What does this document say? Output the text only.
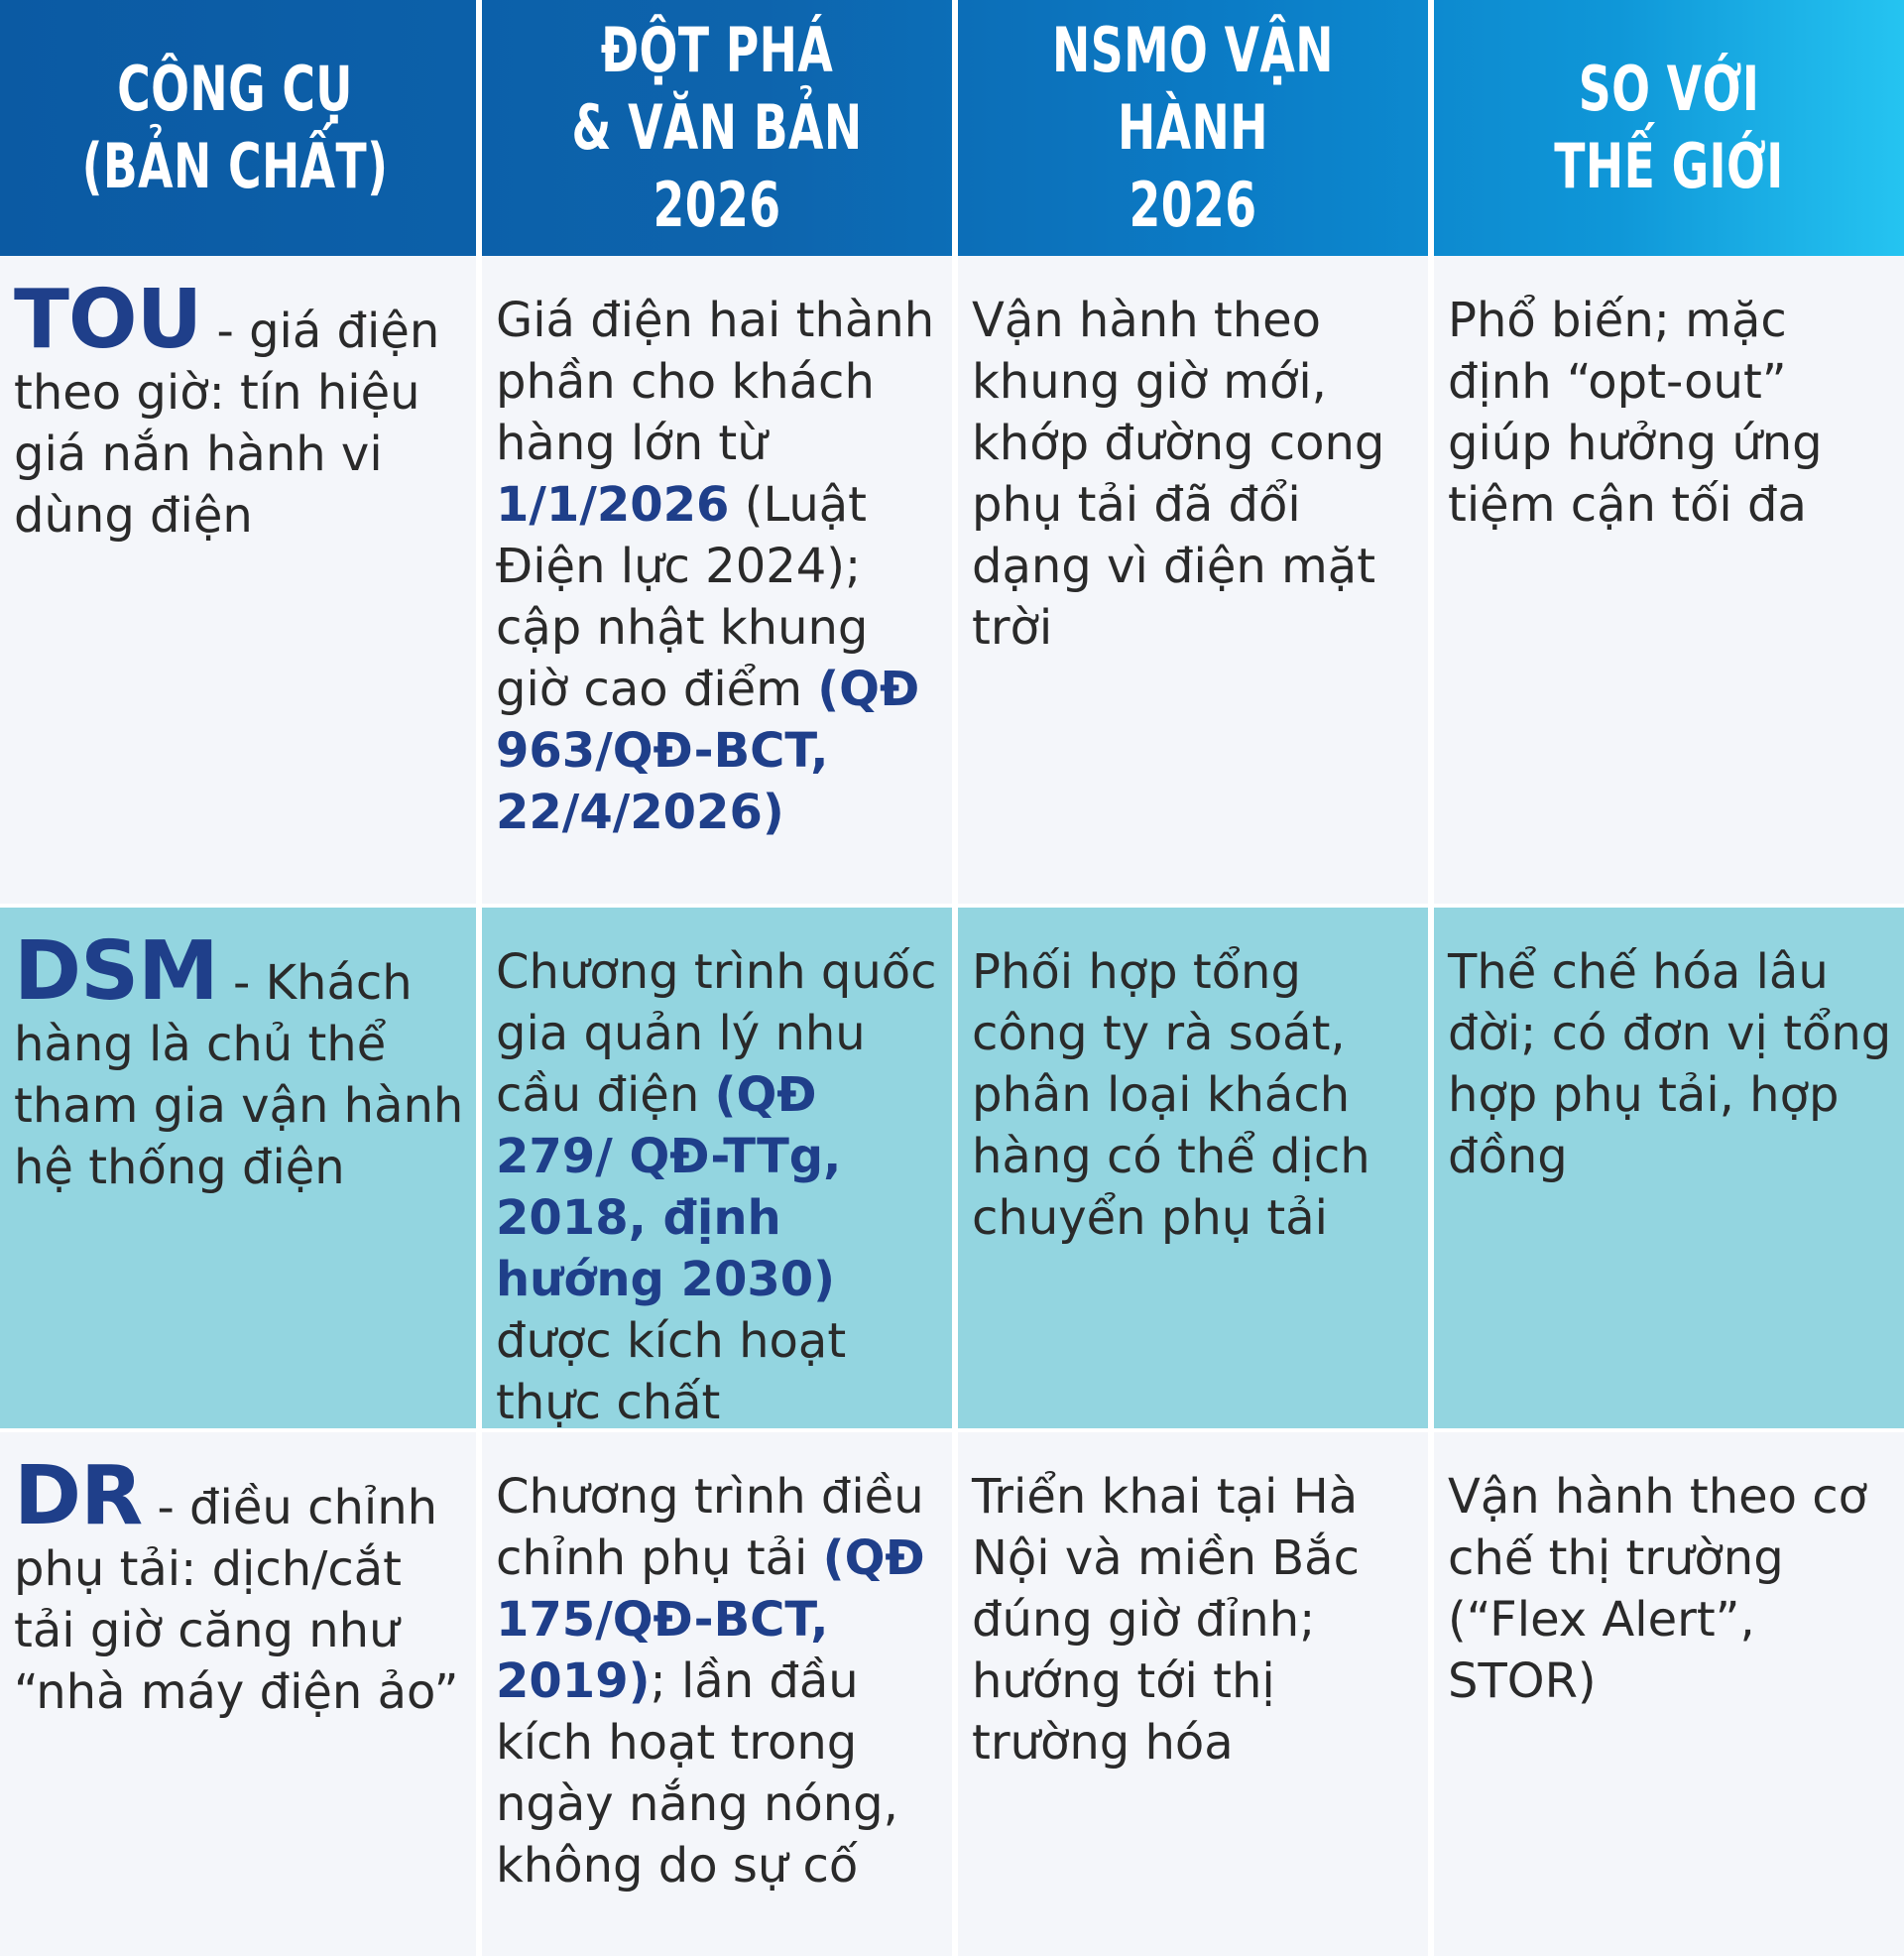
CÔNG CỤ
(BẢN CHẤT)
ĐỘT PHÁ
& VĂN BẢN 2026
NSMO VẬN HÀNH
2026
SO VỚI
THẾ GIỚI
TOU - giá điện theo giờ: tín hiệu giá nắn hành vi dùng điện
Giá điện hai thành phần cho khách hàng lớn từ 1/1/2026 (Luật Điện lực 2024); cập nhật khung giờ cao điểm (QĐ 963/QĐ-BCT, 22/4/2026)
Vận hành theo khung giờ mới, khớp đường cong phụ tải đã đổi dạng vì điện mặt trời
Phổ biến; mặc định “opt-out” giúp hưởng ứng tiệm cận tối đa
DSM - Khách hàng là chủ thể tham gia vận hành hệ thống điện
Chương trình quốc gia quản lý nhu cầu điện (QĐ 279/ QĐ-TTg, 2018, định hướng 2030) được kích hoạt thực chất
Phối hợp tổng công ty rà soát, phân loại khách hàng có thể dịch chuyển phụ tải
Thể chế hóa lâu đời; có đơn vị tổng hợp phụ tải, hợp đồng
DR - điều chỉnh phụ tải: dịch/cắt tải giờ căng như “nhà máy điện ảo”
Chương trình điều chỉnh phụ tải (QĐ 175/QĐ-BCT, 2019); lần đầu kích hoạt trong ngày nắng nóng, không do sự cố
Triển khai tại Hà Nội và miền Bắc đúng giờ đỉnh; hướng tới thị trường hóa
Vận hành theo cơ chế thị trường (“Flex Alert”, STOR)
